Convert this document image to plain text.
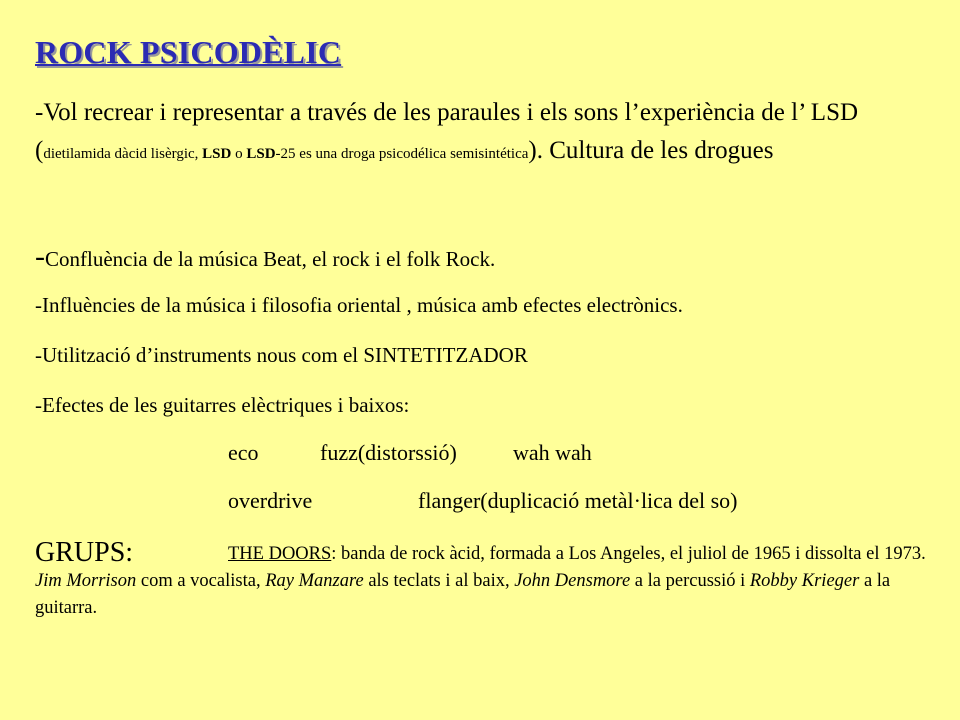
ROCK PSICODÈLIC
-Vol recrear i representar a través de les paraules i els sons l’experiència de l’ LSD (dietilamida dàcid lisèrgic, LSD o LSD-25 es una droga psicodélica semisintética). Cultura de les drogues
-Confluència de la música Beat, el rock i el folk Rock.
-Influències de la música i filosofia oriental , música amb efectes electrònics.
-Utilització d’instruments nous com el SINTETITZADOR
-Efectes de les guitarres elèctriques i baixos:
eco	fuzz(distorssió)	wah wah
overdrive	flanger(duplicació metàl·lica del so)
GRUPS:	THE DOORS: banda de rock àcid, formada a Los Angeles, el juliol de 1965 i dissolta el 1973. Jim Morrison com a vocalista, Ray Manzare als teclats i al baix, John Densmore a la percussió i Robby Krieger a la guitarra.
